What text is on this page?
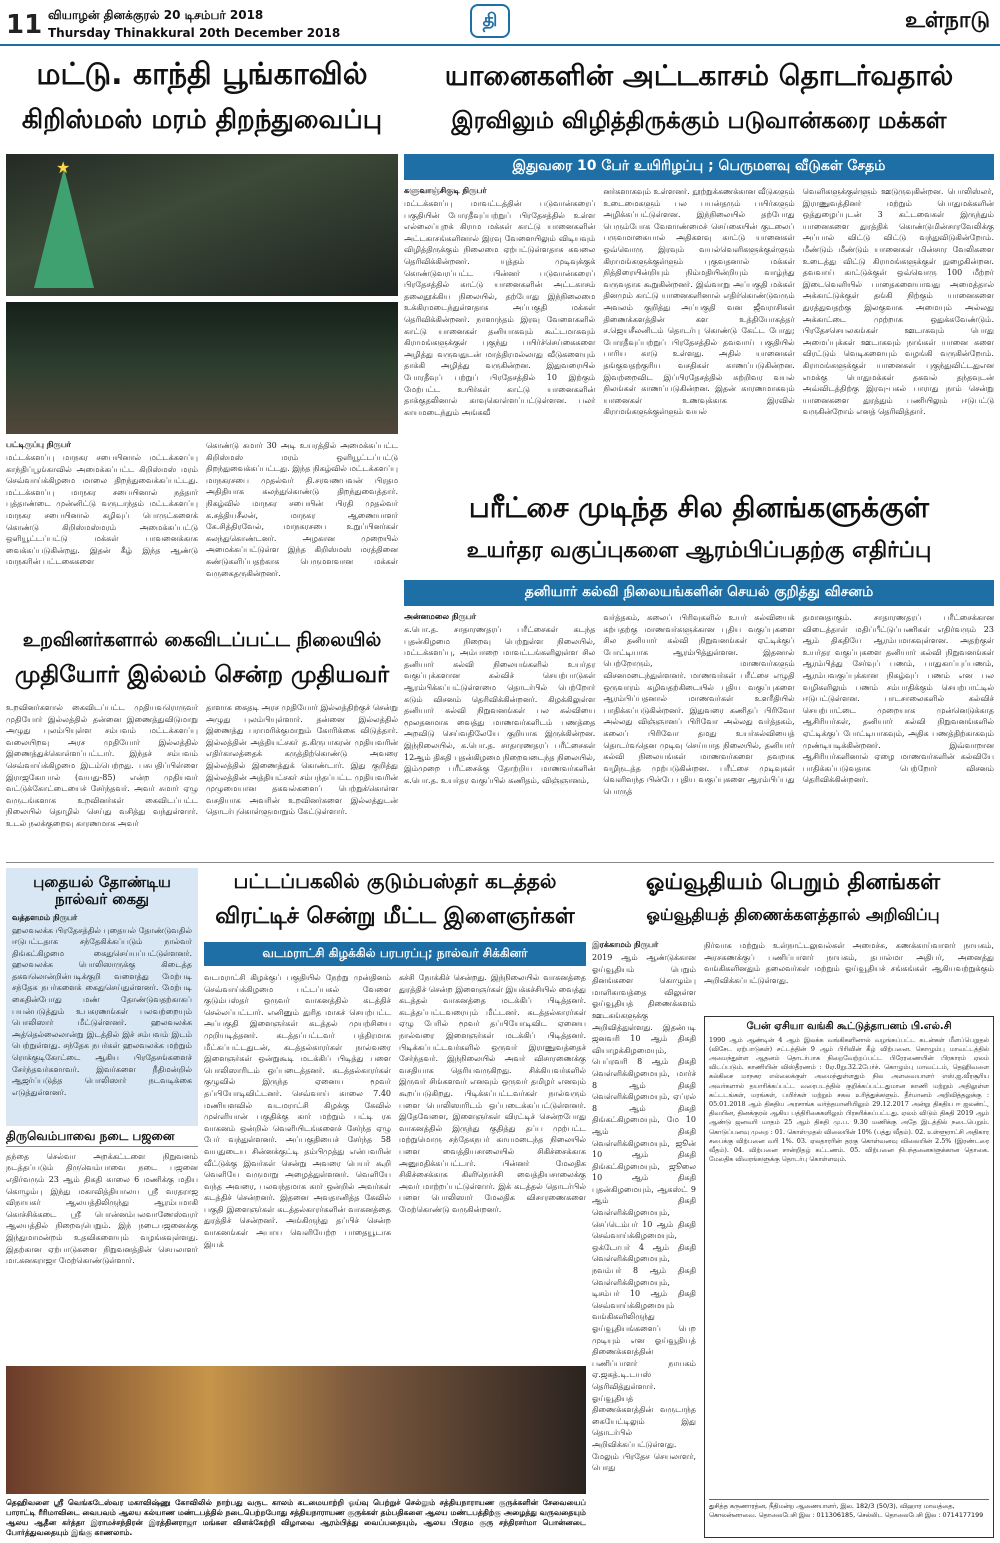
11 வியாழன் தினக்குரல் 20 டிசம்பர் 2018
Thursday Thinakkural 20th December 2018
தி	உள்நாடு
மட்டு. காந்தி பூங்காவில்
கிறிஸ்மஸ் மரம் திறந்துவைப்பு
★
பட்டிருப்பு நிருபர்
மட்டக்களப்பு மாநகர சபையினால் மட்டக்களப்பு காந்திப்பூங்காவில் அமைக்கப்பட்ட கிறிஸ்மஸ் மரம் செவ்வாய்க்கிழமை மாலை திறந்துவைக்கப்பட்டது. மட்டக்களப்பு மாநகர சபையினால் நத்தார் புத்தாண்டை முன்னிட்டு வருடாந்தம் மட்டக்களப்பு மாநகர சபையினால் கழிவுப் பொருட்களைக் கொண்டு கிறிஸ்மஸ்மரம் அமைக்கப்பட்டு ஒளியூட்டப்பட்டு மக்கள் பாவனைக்காக வைக்கப்படுகின்றது. இதன் கீழ் இந்த ஆண்டு மாநகரின் பட்டகைகளை
கொண்டு சுமார் 30 அடி உயரத்தில் அமைக்கப்பட்ட கிறிஸ்மஸ் மரம் ஒளியூட்டப்பட்டு திறந்துவைக்கப்பட்டது. இந்த நிகழ்வில் மட்டக்களப்பு மாநகரசபை முதல்வர் தி.சரவணபவன் பிரதம அதிதியாக கலந்துகொண்டு திறந்துவைத்தார். நிகழ்வில் மாநகர சபையின் பிரதி முதல்வர் க.சத்தியசீலன், மாநகர ஆணையாளர் கே.சித்திரவேல், மாநகரசபை உறுப்பினர்கள் கலந்துகொண்டனர். அழகான முறையில் அமைக்கப்பட்டுள்ள இந்த கிறிஸ்மஸ் மரத்தினை கண்டுகளிப்பதற்காக பெருமளவான மக்கள் வருகைதருகின்றனர்.
யானைகளின் அட்டகாசம் தொடர்வதால்
இரவிலும் விழித்திருக்கும் படுவான்கரை மக்கள்
இதுவரை 10 பேர் உயிரிழப்பு ; பெருமளவு வீடுகள் சேதம்
களுவாஞ்சிகுடி நிருபர்
மட்டக்களப்பு மாவட்டத்தின் படுவான்கரைப் பகுதியின் போரதீவுப்பற்றுப் பிரதேசத்தில் உள்ள எல்லைப்புறக் கிராம மக்கள் காட்டு யானைகளின் அட்டகாசங்களினால் இரவு வேளையிலும் விடியவும் விழித்திருக்கும் நிலைமை ஏற்பட்டுள்ளதாக கவலை தெரிவிக்கின்றனர். யுத்தம் முடிவுக்குக் கொண்டுவரப்பட்ட பின்னர் படுவான்கரைப் பிரதேசத்தில் காட்டு யானைகளின் அட்டகாசம் தலைதூக்கிய நிலையில், தற்போது இந்நிலைமை உக்கிரமடைந்துள்ளதாக அப்பகுதி மக்கள் தெரிவிக்கின்றனர். நாளாந்தம் இரவு வேளைகளில் காட்டு யானைகள் தனியாகவும் கூட்டமாகவும் கிராமங்களுக்குள் புகுந்து பயிர்ச்செய்கைகளை அழித்து வருவதுடன் மாத்திரமல்லாது வீடுகளையும் தாக்கி அழித்து வருகின்றன. இதுவரையில் போரதீவுப் பற்றுப் பிரதேசத்தில் 10 இற்கும் மேற்பட்ட உயிர்கள் காட்டு யானைகளின் தாக்குதலினால் காவுகொள்ளப்பட்டுள்ளன. பலர் காயமடைந்தும் அங்கவீ
னர்களாகவும் உள்ளனர். நூற்றுக்கணக்கான வீடுகளும் உடைமைகளும் பல பயன்தரும் பயிர்களும் அழிக்கப்பட்டுள்ளன. இந்நிலையில் தற்போது பெரும்போக வேளாண்மைச் செய்கையின் குடலைப் பருவமாகையால் அதிகளவு காட்டு யானைகள் ஒவ்வொரு இரவும் வயல்வெளிகளுக்குள்ளும் கிராமங்களுக்குள்ளும் புகுவதனால் மக்கள் நித்திரையின்றியும் நிம்மதியின்றியும் வாழ்ந்து வருவதாக கூறுகின்றனர். இவ்வாறு அப்பகுதி மக்கள் தினமும் காட்டு யானைகளினால் எதிர்கொண்டுவரும் அவலம் குறித்து அப்பகுதி வன ஜீவராசிகள் திணைக்களத்தின் கள உத்தியோகத்தர் ச.ஜெயசீலனிடம் தொடர்பு கொண்டு கேட்ட போது; போரதீவுப்பற்றுப் பிரதேசத்தில் தவவாய் பகுதியில் பாரிய காடு உள்ளது. அதில் யானைகள் தங்குவதற்குரிய வசதிகள் காணப்படுகின்றன. இவற்றைவிட இப்பிரதேசத்தில் சுற்றிவர வயல் நிலங்கள் காணப்படுகின்றன. இதன் காரணமாகவும் யானைகள் உணவுக்காக இரவில் கிராமங்களுக்குள்ளும் வயல்
வெளிகளுக்குள்ளும் ஊடுருவுகின்றன. பொலிஸ்லர், இராணுவத்தினர் மற்றும் பொதுமக்களின் ஒத்துழைப்புடன் 3 கட்டவைகள் இருந்தும் யானைகளை துரத்திக் கொண்டுமின்சாரவேலிக்கு அப்பால் விட்டு விட்டு வந்துவிடுகின்றோம். மீண்டும் மீண்டும் யானைகள் மின்சார வேலிகளை உடைத்து விட்டு கிராமங்களுக்குள் நுழைகின்றன. தவவாய் காட்டுக்குள் ஒவ்வொரு 100 மீற்றர் இடைவெளியில் பாதைகளையாவது அமைத்தால் அக்காட்டுக்குள் தங்கி நிற்கும் யானைகளை துரத்துவதற்கு இலகுவாக அமையும் அல்லது அக்காட்டை முற்றாக ஒதுக்கவேண்டும். பிரதேசசெயலகங்கள் ஊடாகவும் பொது அமைப்புக்கள் ஊடாகவும் நாங்கள் யானை களை விரட்டும் வெடிகளையும் வழங்கி வருகின்றோம். கிராமங்களுக்குள் யானைகள் புகுந்துவிட்டதுஎன எமக்கு பொதுமக்கள் தகவல் தந்தவுடன் அவ்விடத்திற்கு இரவு-பகல் பாராது நாம் சென்று யானைகளை துரத்தும் பணியிலும் ஈடுபட்டு வருகின்றோம் எனத் தெரிவித்தார்.
பரீட்சை முடிந்த சில தினங்களுக்குள்
உயர்தர வகுப்புகளை ஆரம்பிப்பதற்கு எதிர்ப்பு
தனியார் கல்வி நிலையங்களின் செயல் குறித்து விசனம்
அன்னமலை நிருபர்
க.பொ.த. சாதாரணதரப் பரீட்சைகள் கடந்த புதன்கிழமை நிறைவு பெற்றுள்ள நிலையில், மட்டக்களப்பு, அம்பாறை மாவட்டங்களிலுள்ள சில தனியார் கல்வி நிலையங்களில் உயர்தர வகுப்புக்களான கல்விச் செயற்பாடுகள் ஆரம்பிக்கப்பட்டுள்ளமை தொடர்பில் பெற்றோர் கடும் விசனம் தெரிவிக்கின்றனர். கிழக்கிலுள்ள தனியார் கல்வி நிறுவனங்கள் பல கல்வியை மூலதனமாக வைத்து மாணவர்களிடம் பணத்தை அறவிடு செய்வதிலேயே குறியாக இருக்கின்றன. இந்நிலையில், க.பொ.த. சாதாரணதரப் பரீட்சைகள் 12ஆம் திகதி புதன்கிழமை நிறைவடைந்த நிலையில், இம்முறை பரீட்சைக்கு தோற்றிய மாணவர்களின் க.பொ.த. உயர்தர வகுப்பில் கணிதம், விஞ்ஞானம்,
வர்த்தகம், கலைப் பிரிவுகளில் உயர் கல்வியைக் கற்பதற்கு மாணவர்களுக்கான புதிய வகுப்புகளை சில தனியார் கல்வி நிறுவனங்கள் ஏட்டிக்குப் போட்டியாக ஆரம்பித்துள்ளன. இதனால் பெற்றோரும், மாணவர்களும் விசனமடைந்துள்ளனர். மாணவர்கள் பரீட்சை எழுதி ஒருவாரம் கழிவதற்கிடையில் புதிய வகுப்புகளை ஆரம்பிப்பதனால் மாணவர்கள் உளரீதியில் பாதிக்கப்படுகின்றனர். இதுவரை கணிதப் பிரிவோ அல்லது விஞ்ஞானப் பிரிவோ அல்லது வர்த்தகம், கலைப் பிரிவோ தமது உயர்கல்வியைத் தொடர்வதென முடிவு செய்யாத நிலையில், தனியார் கல்வி நிலையங்கள் மாணவர்களை தவறாக வழிநடத்த முற்படுகின்றன. பரீட்சை முடிவுகள் வெளிவந்த பின்பே புதிய வகுப்புகளை ஆரம்பிப்பது பொருத்
தமானதாகும். சாதாரணதரப் பரீட்சைக்கான விடைத்தாள் மதிப்பீட்டுப்பணிகள் எதிர்வரும் 23 ஆம் திகதியே ஆரம்பமாகவுள்ளன. அதற்குள் உயர்தர வகுப்புகளை தனியார் கல்வி நிறுவனங்கள் ஆரம்பித்து சேர்வுப் பணம், பாதுகாப்புப்பணம், ஆரம்பவகுப்புக்கான நிகழ்வுப் பணம் என பல வழிகளிலும் பணம் சம்பாதிக்கும் செயற்பாட்டில் ஈடுபட்டுள்ளன. பாடசாலைகளில் கல்விச் செயற்பாட்டை முறையாக முன்னெடுக்காத ஆசிரியர்கள், தனியார் கல்வி நிறுவனங்களில் ஏட்டிக்குப் போட்டியாகவும், அதிக பணத்திற்காகவும் முண்டியடிக்கின்றனர். இவ்வாறான ஆசிரியர்களினால் ஏழை மாணவர்களின் கல்வியே பாதிக்கப்படுவதாக பெற்றோர் விசனம் தெரிவிக்கின்றனர்.
உறவினர்களால் கைவிடப்பட்ட நிலையில்
முதியோர் இல்லம் சென்ற முதியவர்
உறவினர்களால் கைவிடப்பட்ட முதியவரொருவர் முதியோர் இல்லத்தில் தன்னை இணைத்துவிடுமாறு அழுது புலம்பியுள்ள சம்பவம் மட்டக்களப்பு வலையிறவு அரச முதியோர் இல்லத்தில் இணைத்துக்கொள்ளப்பட்டார். இந்தச் சம்பவம் செவ்வாய்க்கிழமை இடம்பெற்றது. பசுபதிப்பிள்ளை இராஜகோபால் (வயது-85) என்ற முதியவர் வட்டுக்கோட்டையைச் சேர்ந்தவர். அவர் சுமார் ஏழு வருடங்களாக உறவினர்கள் கைவிடப்பட்ட நிலையில் தொழில் செய்து வசித்து வந்துள்ளார். உடல் நலக்குறைவு காரணமாக அவர்
தாளாக கைதடி அரச முதியோர் இல்லத்திற்குச் சென்று அழுது புலம்பியுள்ளார். தன்னை இல்லத்தில் இணைத்து பராமரிக்குமாறும் கோரிக்கை விடுத்தார். இல்லத்தின் அத்தியட்சகர் த.கிருபாகரன் முதியவரின் எதிர்காலத்தைக் கருத்திற்கொண்டு அவரை இல்லத்தில் இணைத்துக் கொண்டார். இது குறித்து இல்லத்தின் அத்தியட்சகர் சம்பந்தப்பட்ட முதியவரின் முழுமையான தகவல்களைப் பெற்றுக்கொள்ள வசதியாக அவரின் உறவினர்களை இல்லத்துடன் தொடர்புகொள்ளுமாறும் கேட்டுள்ளார்.
புதையல் தோண்டிய
நால்வர் கைது
வத்தளமம் நிருபர்
ஹலவலக்க பிரதேசத்தில் புதையல் தோண்டுவதில் ஈடுபட்டதாக சந்தேகிக்கப்படும் நால்வர் திங்கட்கிழமை கைதுசெய்யப்பட்டுள்ளனர். ஹலவலக்க பொலிஸாருக்கு கிடைத்த தகவலொன்றின்படிக்குறி வளைத்து மேற்படி சந்தேக நபர்களைக் கைதுசெய்துள்ளனர். மேற்படி கைதின்போது மண் தோண்டுவதற்காகப் பயன்படுத்தும் உபகரணங்கள் பலவற்றையும் பொலிஸார் மீட்டுள்ளனர். ஹலவலக்க அத்தெல்லைலான்று இடத்தில் இச் சம்பவம் இடம் பெற்றுள்ளது. சந்தேக நபர்கள் ஹலவலக்க மற்றும் ரொக்குடிகோட்டை ஆகிய பிரதேசங்களைச் சேர்ந்தவர்களாவர். இவர்களை நீதிமன்றில் ஆஜர்ப்படுத்த பொலிஸார் நடவடிக்கை எடுத்துள்ளனர்.
திருவெம்பாவை நடை பஜனை
தந்தை செல்வா அறக்கட்டளை நிறுவனம் நடத்தப்படும் திருவெம்பாவை நடை பஜனை எதிர்வரும் 23 ஆம் திகதி காலை 6 மணிக்கு மதிய கொழும்பு இந்து மகாவித்தியாலய ஸ்ரீ வரதராஜ விநாயகர் ஆலயத்திலிருந்து ஆரம்பமாகி கொச்சிக்கடை ஸ்ரீ பொன்னம்பலவாணேஸ்வரர் ஆலயத்தில் நிறைவுபெறும். இந் நடைபஜனைக்கு இந்துமாமன்றம் உதவிகளையும் வழங்கவுள்ளது. இதற்கான ஏற்பாடுகளை நிறுவனத்தின் செயலாளர் மா.கனகராஜா மேற்கொண்டுள்ளார்.
பட்டப்பகலில் குடும்பஸ்தர் கடத்தல்
விரட்டிச் சென்று மீட்ட இளைஞர்கள்
வடமராட்சி கிழக்கில் பரபரப்பு; நால்வர் சிக்கினர்
வடமராட்சி கிழக்குப் பகுதியில் நேற்று முன்தினம் செவ்வாய்க்கிழமை பட்டப்பகல் வேளை குடும்பஸ்தர் ஒருவர் வாகனத்தில் கடத்திச் செல்லப்பட்டார். எனினும் துரித மாகச் செயற்பட்ட அப்பகுதி இளைஞர்கள் கடத்தல் முயற்சியை முறியடித்தனர். கடத்தப்பட்டவர் பத்திரமாக மீட்கப்பட்டதுடன், கடத்தல்காரர்கள் நால்வரை இளைஞர்கள் ஒன்றுகூடி மடக்கிப் பிடித்து பளை பொலிஸாரிடம் ஒப்படைத்தனர். கடத்தல்காரர்கள் குழுவில் இருந்த ஏனைய மூவர் தப்பியோடிவிட்டனர். செவ்வாய் காலை 7.40 மணியளவில் வடமராட்சி கிழக்கு கேவில் முள்ளியான் பகுதிக்கு கார் மற்றும் பட்டி ரக வாகனம் ஒன்றில் வெளியிடங்களைச் சேர்ந்த ஏழு பேர் வந்துள்ளனர். அப்பகுதியைச் சேர்ந்த 58 வயதுடைய சின்னக்குட்டி தம்பிமுத்து என்பவரின் வீட்டுக்கு இவர்கள் சென்று அவரை பெயர் கூறி வெளியே வருமாறு அழைத்துள்ளனர். வெளியே வந்த அவரை, பலவந்தமாக கார் ஒன்றில் அவர்கள் கடத்திச் சென்றனர். இதனை அவதானித்த கேவில் பகுதி இளைஞர்கள் கடத்தல்காரர்களின் வாகனத்தை துரத்திச் சென்றனர். அங்கிருந்து தப்பிச் சென்ற வாகனங்கள் அபாய வெளியேற்ற பாதையூடாக இயக்
கச்சி நோக்கிச் சென்றது. இந்நிலையில் வாகனத்தை துரத்திச் சென்ற இளைஞர்கள் இயக்கச்சியில் வைத்து கடத்தல் வாகனத்தை மடக்கிப் பிடித்தனர். கடத்தப்பட்டவரையும் மீட்டனர். கடத்தல்காரர்கள் ஏழு பேரில் மூவர் தப்பியோடிவிட ஏனைய நால்வரை இளைஞர்கள் மடக்கிப் பிடித்தனர். பிடிக்கப்பட்டவர்களில் ஒருவர் இராணுவத்தைச் சேர்ந்தவர். இந்நிலையில் அவர் விசாரணைக்கு வசதியாக தெரியவருகிறது. சிக்கியவர்களில் இருவர் சிங்களவர் எனவும் ஒருவர் தமிழர் எனவும் கூறப்படுகிறது. பிடிக்கப்பட்டவர்கள் நால்வரும் பளை பொலிஸாரிடம் ஒப்படைக்கப்பட்டுள்ளனர். இதேவேளை, இளைஞர்கள் விரட்டிச் சென்றபோது வாகனத்தில் இருந்து குதித்து தப்ப முற்பட்ட மற்றுமொரு சந்தேகநபர் காயமடைந்த நிலையில் பளை வைத்தியசாலையில் சிகிச்சைக்காக அனுமதிக்கப்பட்டார். பின்னர் மேலதிக சிகிச்சைக்காக கிளிநொச்சி வைத்தியசாலைக்கு அவர் மாற்றப்பட்டுள்ளார். இக் கடத்தல் தொடர்பில் பளை பொலிஸார் மேலதிக விசாரணைகளை மேற்கொண்டு வருகின்றனர்.
ஓய்வூதியம் பெறும் தினங்கள்
ஓய்வூதியத் திணைக்களத்தால் அறிவிப்பு
இரக்காமம் நிருபர்
2019 ஆம் ஆண்டுக்கான ஓய்வூதியம் பெறும் தினங்களை கொழும்பு மாளிகாவத்தை விலுள்ள ஓய்வூதியத் திணைக்களம் ஊடகங்களுக்கு அறிவித்துள்ளது. இதன்படி ஜனவரி 10 ஆம் திகதி வியாழக்கிழமையும், பெப்ரவரி 8 ஆம் திகதி வெள்ளிக்கிழமையும், மார்ச் 8 ஆம் திகதி வெள்ளிக்கிழமையும், ஏப்ரல் 8 ஆம் திகதி திங்கட்கிழமையும், மே 10 ஆம் திகதி வெள்ளிக்கிழமையும், ஜூன் 10 ஆம் திகதி திங்கட்கிழமையும், ஜூலை 10 ஆம் திகதி புதன்கிழமையும், ஆகஸ்ட் 9 ஆம் திகதி வெள்ளிக்கிழமையும், செப்டெம்பர் 10 ஆம் திகதி செவ்வாய்க்கிழமையும், ஒக்டோபர் 4 ஆம் திகதி வெள்ளிக்கிழமையும், நவம்பர் 8 ஆம் திகதி வெள்ளிக்கிழமையும், டிசம்பர் 10 ஆம் திகதி செவ்வாய்க்கிழமையும் வங்கிகளிலிருந்து ஓய்வூதியங்களைப் பெற முடியும் என ஓய்வூதியத் திணைக்களத்தின் பணிப்பாளர் நாயகம் ஏ.ஜகத்.டி.டயஸ் தெரிவித்துள்ளார். ஓய்வூதியத் திணைக்களத்தின் வருடாந்த கையேட்டிலும் இது தொடர்பில் அறிவிக்கப்பட்டுள்ளது. மேலும் பிரதேச செயலாளர், பொது
நிர்வாக மற்றும் உள்நாட்டலுவல்கள் அமைச்சு, கணக்காய்வாளர் நாயகம், அரசகணக்குப் பணிப்பாளர் நாயகம், தபால்மா அதிபர், அனைத்து வங்கிகளினதும் தலைவர்கள் மற்றும் ஓய்வூதியச் சங்கங்கள் ஆகியவற்றுக்கும் அறிவிக்கப்பட்டுள்ளது.
பேன் ஏசியா வங்கி கூட்டுத்தாபனம் பி.எல்.சி
1990 ஆம் ஆண்டின் 4 ஆம் இலக்க வங்கிகளினால் வழங்கப்பட்ட கடன்கள் மீளப்பெறுதல் (விசேட ஏற்பாடுகள்) சட்டத்தின் 9 ஆம் பிரிவின் கீழ் விற்பனை. கொழும்பு மாவட்டத்தில் அமைந்துள்ள ஆதனம் தொடர்பாக நிறைவேற்றப்பட்ட பிரேரணையின் பிரகாரம் ஏலம் விடப்படும். காணியின் விஸ்தீரணம் : 0ஏ.0று.32.2பேர்ச். கொழும்பு மாவட்டம், தெஹிவளை கல்கிசை மாநகர எல்லைக்குள் அமைந்துள்ளதும் நில அளவையாளர் எஸ்.ஐ.வீரசூரிய அவர்களால் தயாரிக்கப்பட்ட வரைபடத்தில் குறிக்கப்பட்டதுமான காணி மற்றும் அதிலுள்ள கட்டடங்கள், மரங்கள், பயிர்கள் மற்றும் சகல உரித்துக்களும். தீர்மானம் அறிவித்தலுக்கு : 05.01.2018 ஆம் திகதிய அரசாங்க வர்த்தமானியிலும் 29.12.2017 அன்று திகதிய ஈ ஐலண்ட், திவயின, தினக்குரல் ஆகிய பத்திரிகைகளிலும் பிரசுரிக்கப்பட்டது. ஏலம் விடும் திகதி 2019 ஆம் ஆண்டு ஜனவரி மாதம் 25 ஆம் திகதி மு.ப. 9.30 மணிக்கு அதே இடத்தில் நடைபெறும். கொடுப்பனவு முறை : 01. கொள்முதல் விலையின் 10% (பத்து வீதம்). 02. உள்ளூராட்சி அதிகார சபைக்கு விற்பனை வரி 1%. 03. ஏலதாரரின் தரகு கொள்வனவு விலையின் 2.5% (இரண்டரை வீதம்). 04. விற்பனை சான்றிதழ் கட்டணம். 05. விற்பனை நிபந்தனைகளுக்கான தொகை. மேலதிக விவரங்களுக்கு தொடர்பு கொள்ளவும்.
துசித்த கருணாரத்ன, நீதிமன்ற ஆணையாளர், இல. 182/3 (50/3), விஹார மாவத்தை, கொலன்னாவை. தொலைபேசி இல : 011306185, செல்லிட தொலைபேசி இல : 0714177199
தெஹிவளை ஸ்ரீ வெங்கடேஸ்வர மகாவிஷ்ணு கோவிலில் நாற்பது வருட காலம் கடமையாற்றி ஓய்வு பெற்றுச் செல்லும் சத்தியநாராயண குருக்களின் சேவையைப் பாராட்டி ரீரிமாவிடை வைபவம் ஆலய கல்யாண மண்டபத்தில் நடைபெற்றபோது சத்தியநாராயண குருக்கள் தம்பதிகளை ஆலய மண்டபத்திற்கு அழைத்து வருவதையும் ஆலய ஆதீன கர்த்தா இராமச்சந்திரன் இரத்தினராஜா மங்கள விளக்கேற்றி விழாவை ஆரம்பித்து வைப்பதையும், ஆலய பிரதம குரு சந்திரசர்மா பொன்னடை போர்த்துவதையும் இங்கு காணலாம்.
